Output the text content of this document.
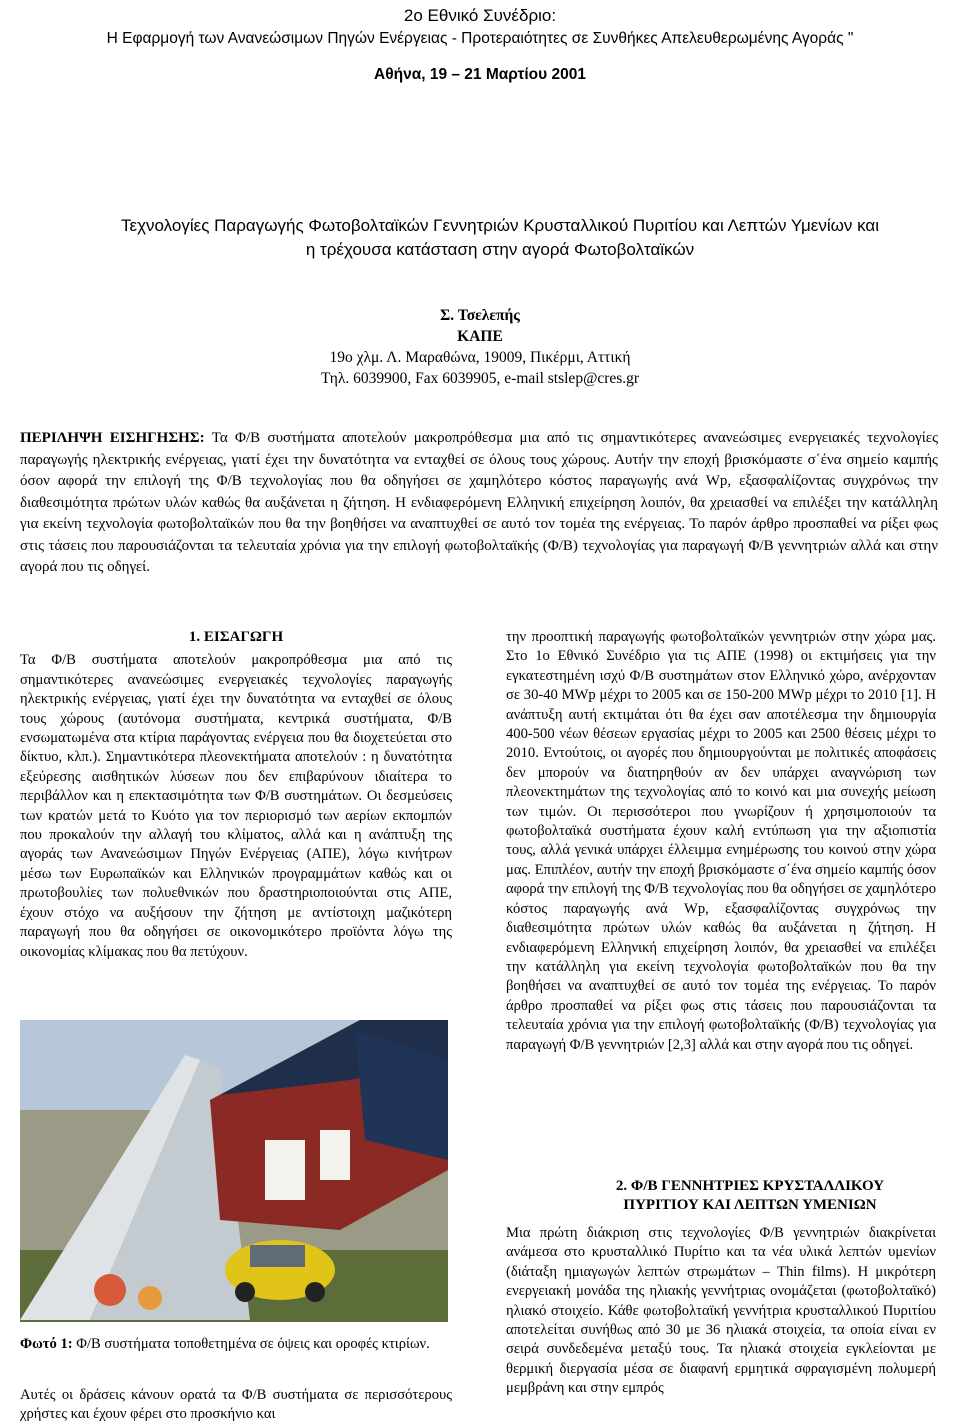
2ο Εθνικό Συνέδριο:
Η Εφαρμογή των Ανανεώσιμων Πηγών Ενέργειας - Προτεραιότητες σε Συνθήκες Απελευθερωμένης Αγοράς "
Αθήνα, 19 – 21 Μαρτίου 2001
Τεχνολογίες Παραγωγής Φωτοβολταϊκών Γεννητριών Κρυσταλλικού Πυριτίου και Λεπτών Υμενίων και
η τρέχουσα κατάσταση στην αγορά Φωτοβολταϊκών
Σ. Τσελεπής
ΚΑΠΕ
19ο χλμ. Λ. Μαραθώνα, 19009, Πικέρμι, Αττική
Τηλ. 6039900, Fax 6039905, e-mail stslep@cres.gr
ΠΕΡΙΛΗΨΗ ΕΙΣΗΓΗΣΗΣ: Τα Φ/Β συστήματα αποτελούν μακροπρόθεσμα μια από τις σημαντικότερες ανανεώσιμες ενεργειακές τεχνολογίες παραγωγής ηλεκτρικής ενέργειας, γιατί έχει την δυνατότητα να ενταχθεί σε όλους τους χώρους. Αυτήν την εποχή βρισκόμαστε σ΄ένα σημείο καμπής όσον αφορά την επιλογή της Φ/Β τεχνολογίας που θα οδηγήσει σε χαμηλότερο κόστος παραγωγής ανά Wp, εξασφαλίζοντας συγχρόνως την διαθεσιμότητα πρώτων υλών καθώς θα αυξάνεται η ζήτηση. Η ενδιαφερόμενη Ελληνική επιχείρηση λοιπόν, θα χρειασθεί να επιλέξει την κατάλληλη για εκείνη τεχνολογία φωτοβολταϊκών που θα την βοηθήσει να αναπτυχθεί σε αυτό τον τομέα της ενέργειας. Το παρόν άρθρο προσπαθεί να ρίξει φως στις τάσεις που παρουσιάζονται τα τελευταία χρόνια για την επιλογή φωτοβολταϊκής (Φ/Β) τεχνολογίας για παραγωγή Φ/Β γεννητριών αλλά και στην αγορά που τις οδηγεί.
1. ΕΙΣΑΓΩΓΗ
Τα Φ/Β συστήματα αποτελούν μακροπρόθεσμα μια από τις σημαντικότερες ανανεώσιμες ενεργειακές τεχνολογίες παραγωγής ηλεκτρικής ενέργειας, γιατί έχει την δυνατότητα να ενταχθεί σε όλους τους χώρους (αυτόνομα συστήματα, κεντρικά συστήματα, Φ/Β ενσωματωμένα στα κτίρια παράγοντας ενέργεια που θα διοχετεύεται στο δίκτυο, κλπ.). Σημαντικότερα πλεονεκτήματα αποτελούν : η δυνατότητα εξεύρεσης αισθητικών λύσεων που δεν επιβαρύνουν ιδιαίτερα το περιβάλλον και η επεκτασιμότητα των Φ/Β συστημάτων. Οι δεσμεύσεις των κρατών μετά το Κυότο για τον περιορισμό των αερίων εκπομπών που προκαλούν την αλλαγή του κλίματος, αλλά και η ανάπτυξη της αγοράς των Ανανεώσιμων Πηγών Ενέργειας (ΑΠΕ), λόγω κινήτρων μέσω των Ευρωπαϊκών και Ελληνικών προγραμμάτων καθώς και οι πρωτοβουλίες των πολυεθνικών που δραστηριοποιούνται στις ΑΠΕ, έχουν στόχο να αυξήσουν την ζήτηση με αντίστοιχη μαζικότερη παραγωγή που θα οδηγήσει σε οικονομικότερο προϊόντα λόγω της οικονομίας κλίμακας που θα πετύχουν.
Φωτό 1: Φ/Β συστήματα τοποθετημένα σε όψεις και οροφές κτιρίων.
Αυτές οι δράσεις κάνουν ορατά τα Φ/Β συστήματα σε περισσότερους χρήστες και έχουν φέρει στο προσκήνιο και
την προοπτική παραγωγής φωτοβολταϊκών γεννητριών στην χώρα μας. Στο 1ο Εθνικό Συνέδριο για τις ΑΠΕ (1998) οι εκτιμήσεις για την εγκατεστημένη ισχύ Φ/Β συστημάτων στον Ελληνικό χώρο, ανέρχονταν σε 30-40 MWp μέχρι το 2005 και σε 150-200 MWp μέχρι το 2010 [1]. Η ανάπτυξη αυτή εκτιμάται ότι θα έχει σαν αποτέλεσμα την δημιουργία 400-500 νέων θέσεων εργασίας μέχρι το 2005 και 2500 θέσεις μέχρι το 2010. Εντούτοις, οι αγορές που δημιουργούνται με πολιτικές αποφάσεις δεν μπορούν να διατηρηθούν αν δεν υπάρχει αναγνώριση των πλεονεκτημάτων της τεχνολογίας από το κοινό και μια συνεχής μείωση των τιμών. Οι περισσότεροι που γνωρίζουν ή χρησιμοποιούν τα φωτοβολταϊκά συστήματα έχουν καλή εντύπωση για την αξιοπιστία τους, αλλά γενικά υπάρχει έλλειμμα ενημέρωσης του κοινού στην χώρα μας. Επιπλέον, αυτήν την εποχή βρισκόμαστε σ΄ένα σημείο καμπής όσον αφορά την επιλογή της Φ/Β τεχνολογίας που θα οδηγήσει σε χαμηλότερο κόστος παραγωγής ανά Wp, εξασφαλίζοντας συγχρόνως την διαθεσιμότητα πρώτων υλών καθώς θα αυξάνεται η ζήτηση. Η ενδιαφερόμενη Ελληνική επιχείρηση λοιπόν, θα χρειασθεί να επιλέξει την κατάλληλη για εκείνη τεχνολογία φωτοβολταϊκών που θα την βοηθήσει να αναπτυχθεί σε αυτό τον τομέα της ενέργειας. Το παρόν άρθρο προσπαθεί να ρίξει φως στις τάσεις που παρουσιάζονται τα τελευταία χρόνια για την επιλογή φωτοβολταϊκής (Φ/Β) τεχνολογίας για παραγωγή Φ/Β γεννητριών [2,3] αλλά και στην αγορά που τις οδηγεί.
2. Φ/Β ΓΕΝΝΗΤΡΙΕΣ ΚΡΥΣΤΑΛΛΙΚΟΥ
ΠΥΡΙΤΙΟΥ ΚΑΙ ΛΕΠΤΩΝ ΥΜΕΝΙΩΝ
Μια πρώτη διάκριση στις τεχνολογίες Φ/Β γεννητριών διακρίνεται ανάμεσα στο κρυσταλλικό Πυρίτιο και τα νέα υλικά λεπτών υμενίων (διάταξη ημιαγωγών λεπτών στρωμάτων – Thin films). Η μικρότερη ενεργειακή μονάδα της ηλιακής γεννήτριας ονομάζεται (φωτοβολταϊκό) ηλιακό στοιχείο. Κάθε φωτοβολταϊκή γεννήτρια κρυσταλλικού Πυριτίου αποτελείται συνήθως από 30 με 36 ηλιακά στοιχεία, τα οποία είναι εν σειρά συνδεδεμένα μεταξύ τους. Τα ηλιακά στοιχεία εγκλείονται με θερμική διεργασία μέσα σε διαφανή ερμητικά σφραγισμένη πολυμερή μεμβράνη και στην εμπρός
